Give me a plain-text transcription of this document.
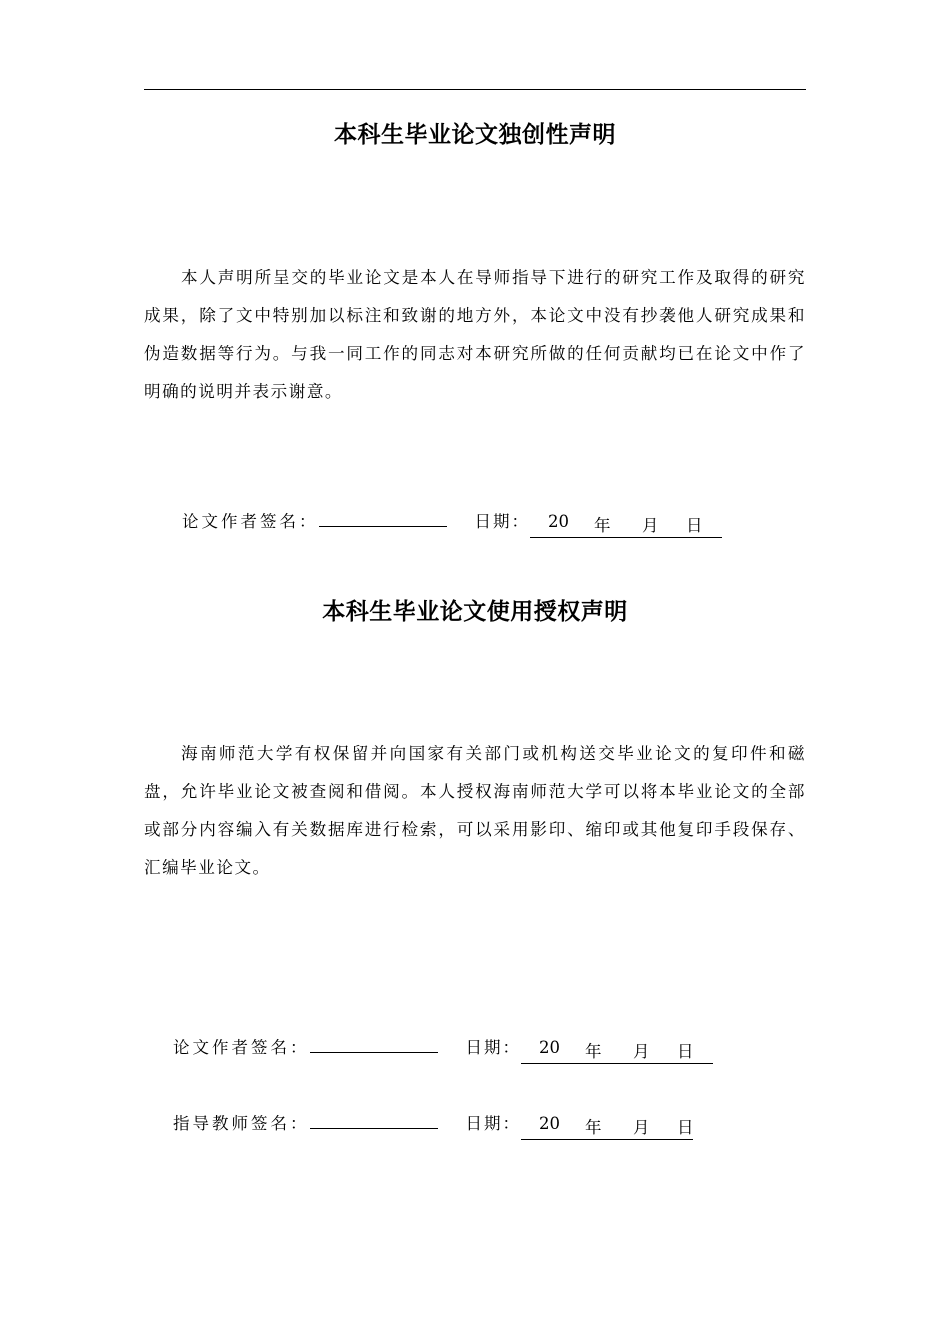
本科生毕业论文独创性声明
本人声明所呈交的毕业论文是本人在导师指导下进行的研究工作及取得的研究成果，除了文中特别加以标注和致谢的地方外，本论文中没有抄袭他人研究成果和伪造数据等行为。与我一同工作的同志对本研究所做的任何贡献均已在论文中作了明确的说明并表示谢意。
论文作者签名：	日期：	20	年	月	日
本科生毕业论文使用授权声明
海南师范大学有权保留并向国家有关部门或机构送交毕业论文的复印件和磁盘，允许毕业论文被查阅和借阅。本人授权海南师范大学可以将本毕业论文的全部或部分内容编入有关数据库进行检索，可以采用影印、缩印或其他复印手段保存、汇编毕业论文。
论文作者签名：	日期：	20	年	月	日
指导教师签名：	日期：	20	年	月	日
